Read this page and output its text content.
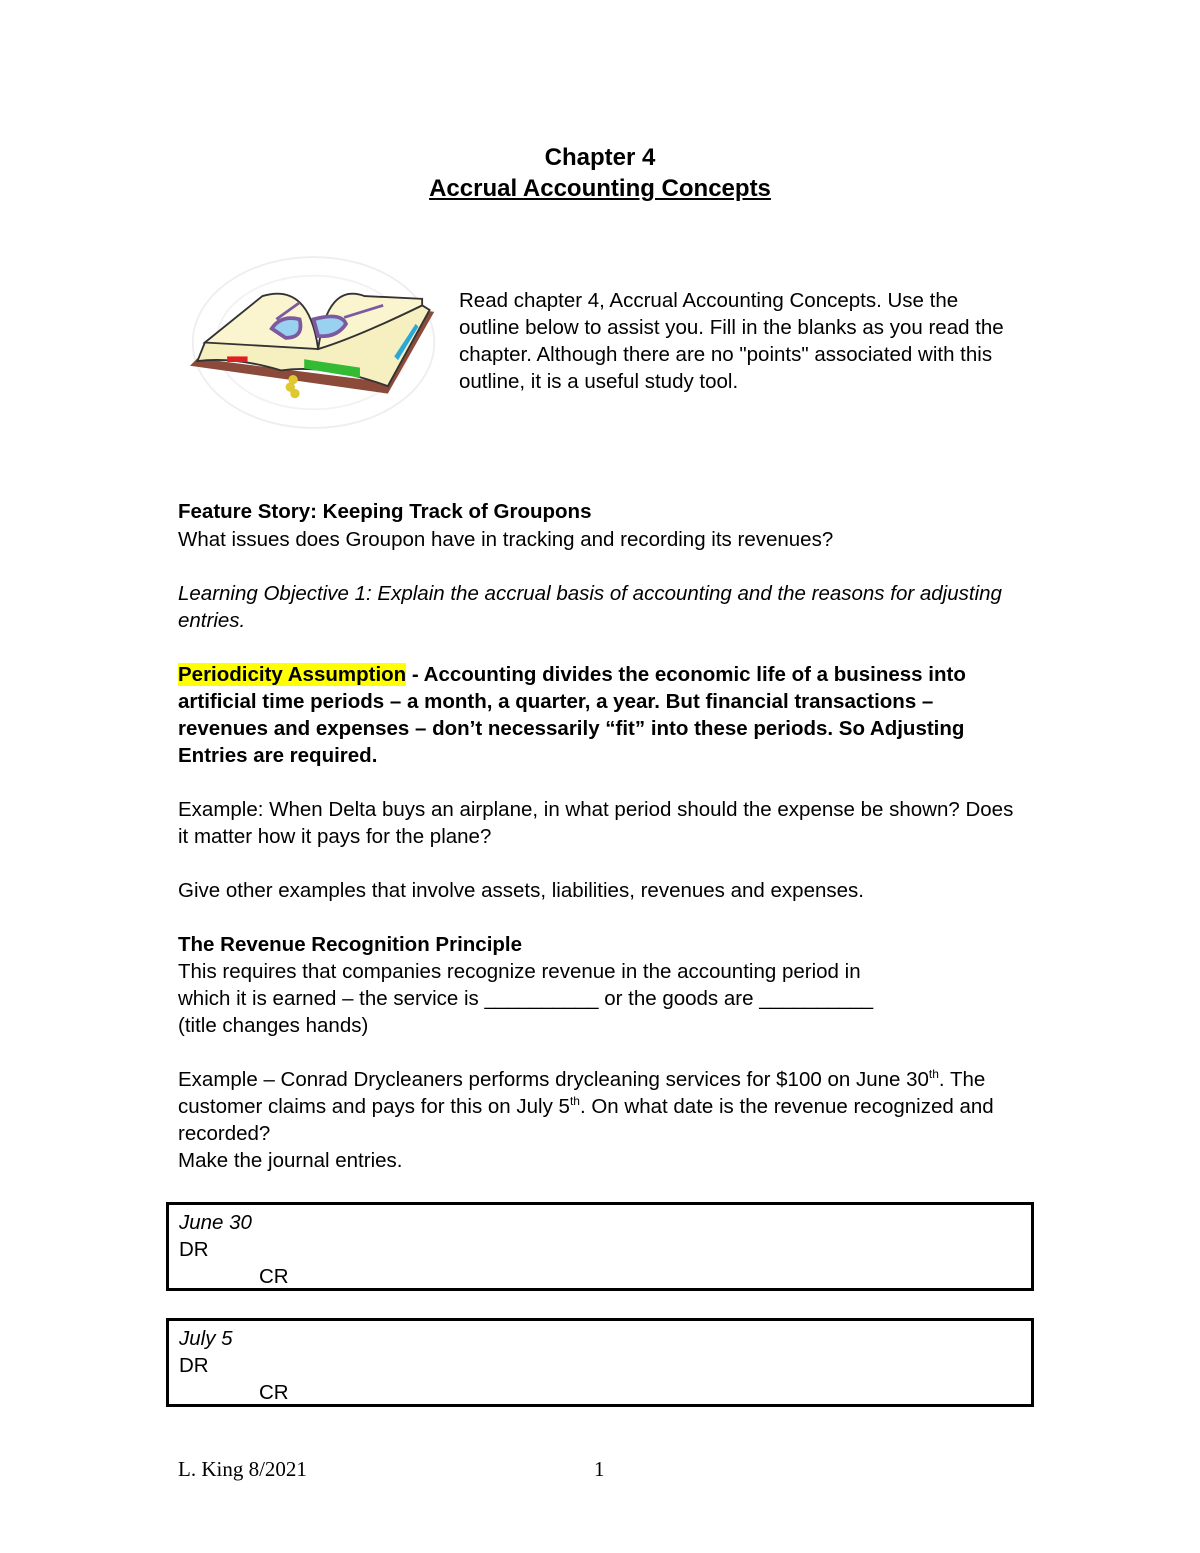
Chapter 4
Accrual Accounting Concepts
Read chapter 4, Accrual Accounting Concepts. Use the outline below to assist you. Fill in the blanks as you read the chapter. Although there are no "points" associated with this outline, it is a useful study tool.
Feature Story: Keeping Track of Groupons
What issues does Groupon have in tracking and recording its revenues?
Learning Objective 1: Explain the accrual basis of accounting and the reasons for adjusting entries.
Periodicity Assumption - Accounting divides the economic life of a business into artificial time periods – a month, a quarter, a year. But financial transactions – revenues and expenses – don’t necessarily “fit” into these periods. So Adjusting Entries are required.
Example: When Delta buys an airplane, in what period should the expense be shown? Does it matter how it pays for the plane?
Give other examples that involve assets, liabilities, revenues and expenses.
The Revenue Recognition Principle
This requires that companies recognize revenue in the accounting period in
which it is earned – the service is __________ or the goods are __________
(title changes hands)
Example – Conrad Drycleaners performs drycleaning services for $100 on June 30th. The customer claims and pays for this on July 5th. On what date is the revenue recognized and recorded?
Make the journal entries.
June 30
DR
CR
July 5
DR
CR
L. King 8/2021	1
